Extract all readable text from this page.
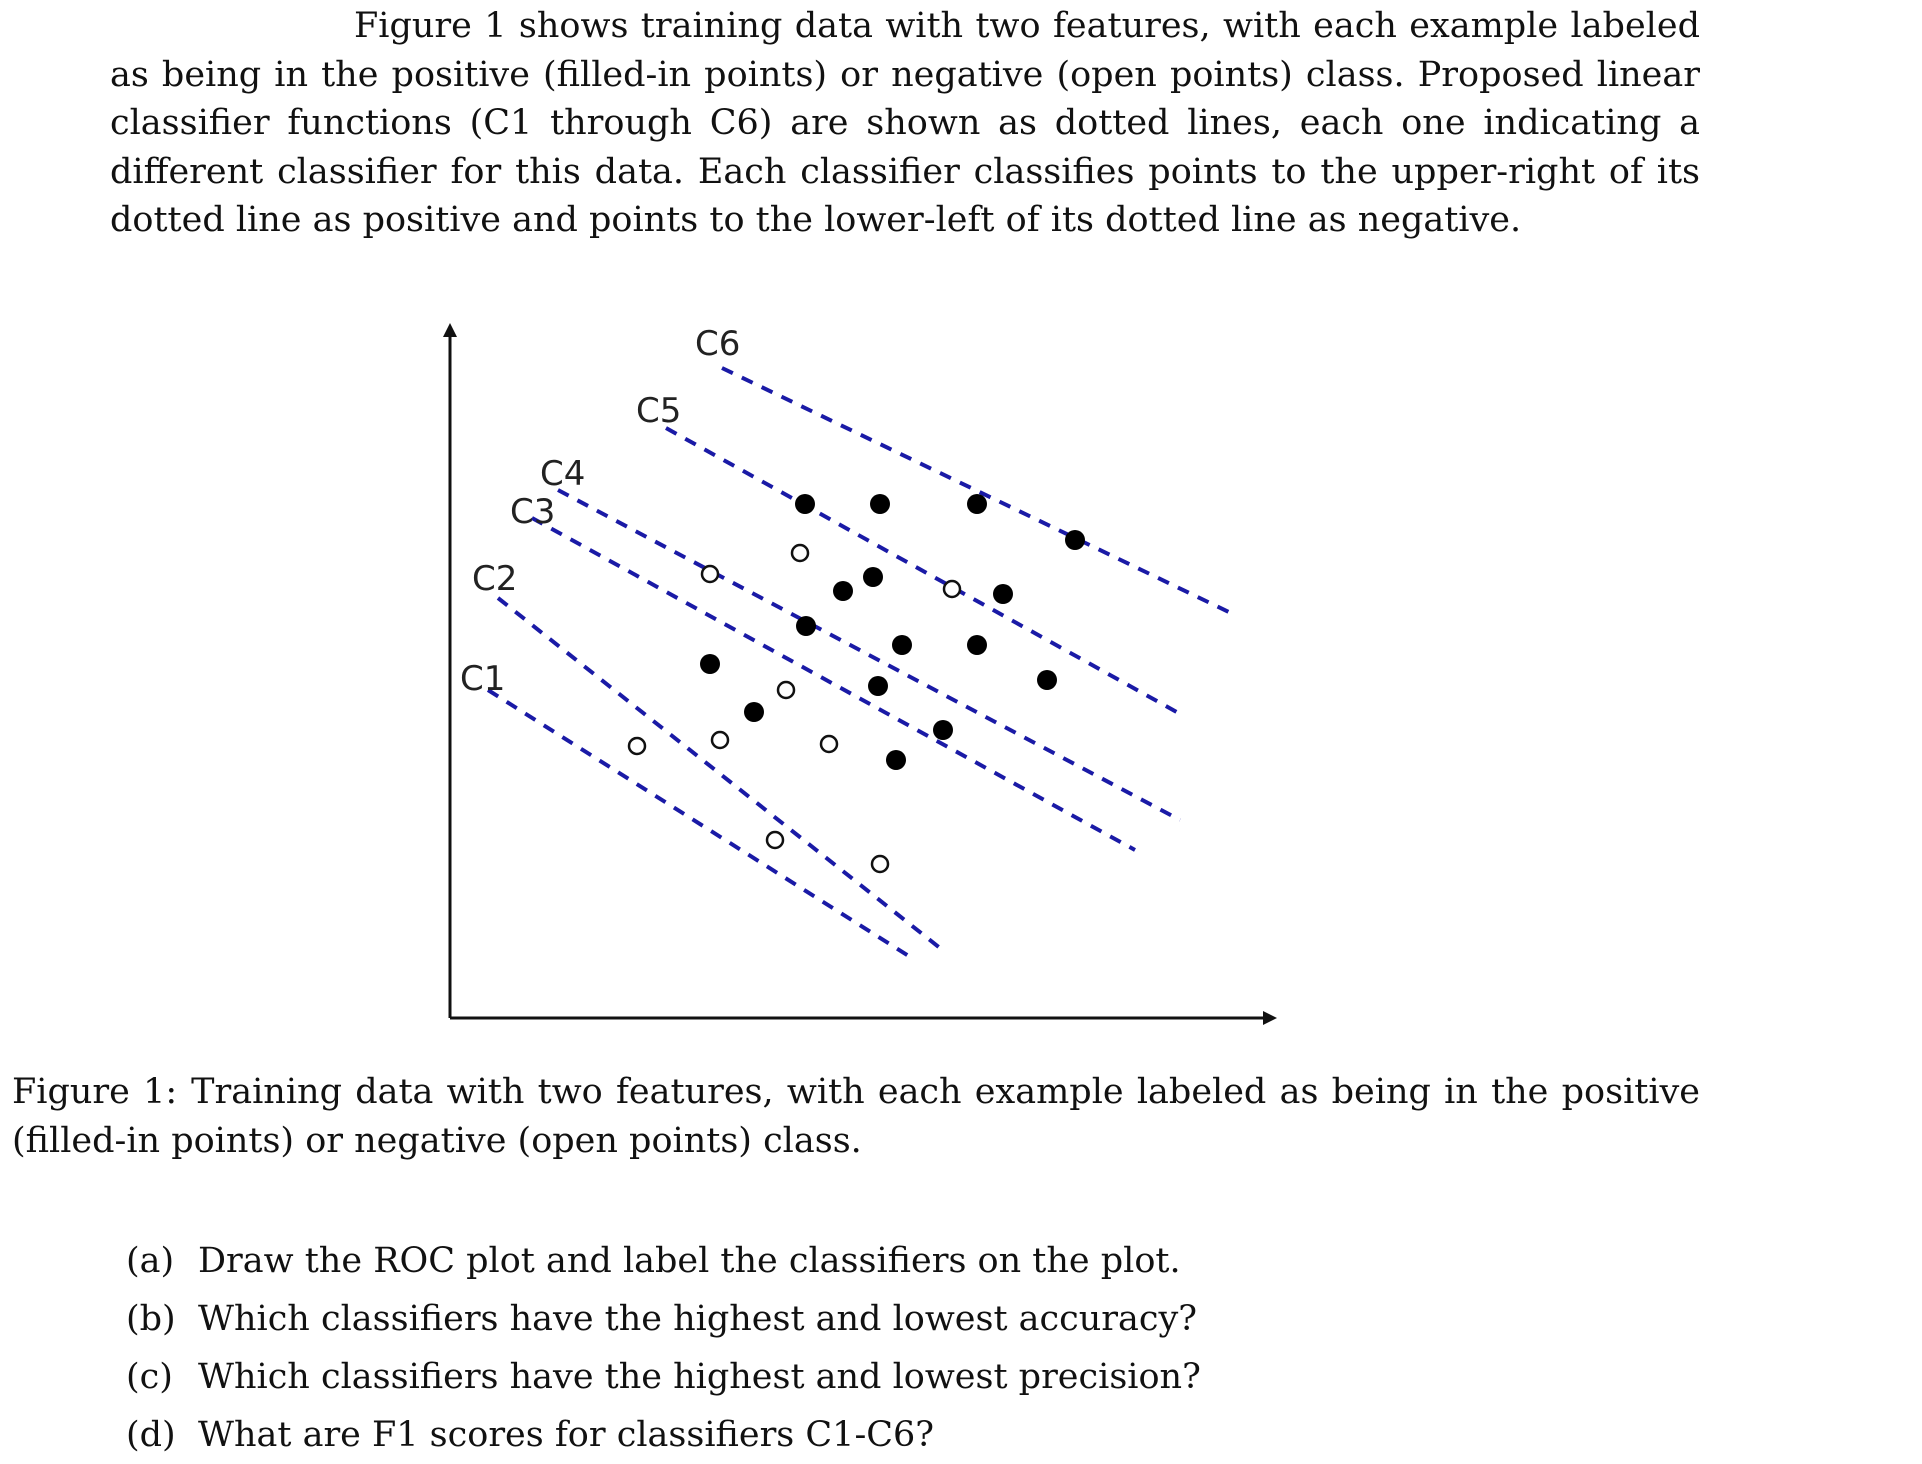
Figure 1 shows training data with two features, with each example labeled as being in the positive (filled-in points) or negative (open points) class. Proposed linear classifier functions (C1 through C6) are shown as dotted lines, each one indicating a different classifier for this data. Each classifier classifies points to the upper-right of its dotted line as positive and points to the lower-left of its dotted line as negative.

C1
C2
C3
C4
C5
C6

Figure 1: Training data with two features, with each example labeled as being in the positive (filled-in points) or negative (open points) class.

(a) Draw the ROC plot and label the classifiers on the plot.
(b) Which classifiers have the highest and lowest accuracy?
(c) Which classifiers have the highest and lowest precision?
(d) What are F1 scores for classifiers C1-C6?
